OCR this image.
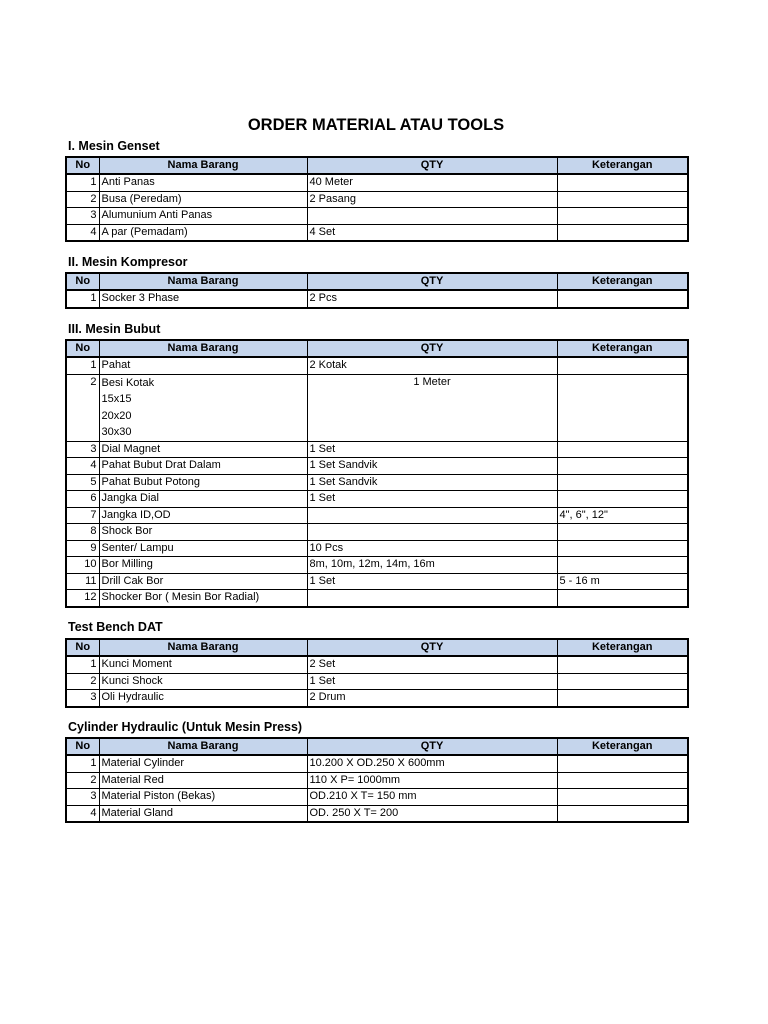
ORDER MATERIAL ATAU TOOLS
I. Mesin Genset
No	Nama Barang	QTY	Keterangan
1	Anti Panas	40 Meter	
2	Busa (Peredam)	2 Pasang	
3	Alumunium Anti Panas		
4	A par (Pemadam)	4 Set	
II. Mesin Kompresor
No	Nama Barang	QTY	Keterangan
1	Socker 3 Phase	2 Pcs	
III. Mesin Bubut
No	Nama Barang	QTY	Keterangan
1	Pahat	2 Kotak	
2	Besi Kotak
15x15
20x20
30x30	1 Meter	
3	Dial Magnet	1 Set	
4	Pahat Bubut Drat Dalam	1 Set Sandvik	
5	Pahat Bubut Potong	1 Set Sandvik	
6	Jangka Dial	1 Set	
7	Jangka ID,OD		4", 6", 12"
8	Shock Bor		
9	Senter/ Lampu	10 Pcs	
10	Bor Milling	8m, 10m, 12m, 14m, 16m	
11	Drill Cak Bor	1 Set	5 - 16 m
12	Shocker Bor ( Mesin Bor Radial)		
Test Bench DAT
No	Nama Barang	QTY	Keterangan
1	Kunci Moment	2 Set	
2	Kunci Shock	1 Set	
3	Oli Hydraulic	2 Drum	
Cylinder Hydraulic (Untuk Mesin Press)
No	Nama Barang	QTY	Keterangan
1	Material Cylinder	10.200 X OD.250 X 600mm	
2	Material Red	110 X P= 1000mm	
3	Material Piston (Bekas)	OD.210 X T= 150 mm	
4	Material Gland	OD. 250 X T= 200	
